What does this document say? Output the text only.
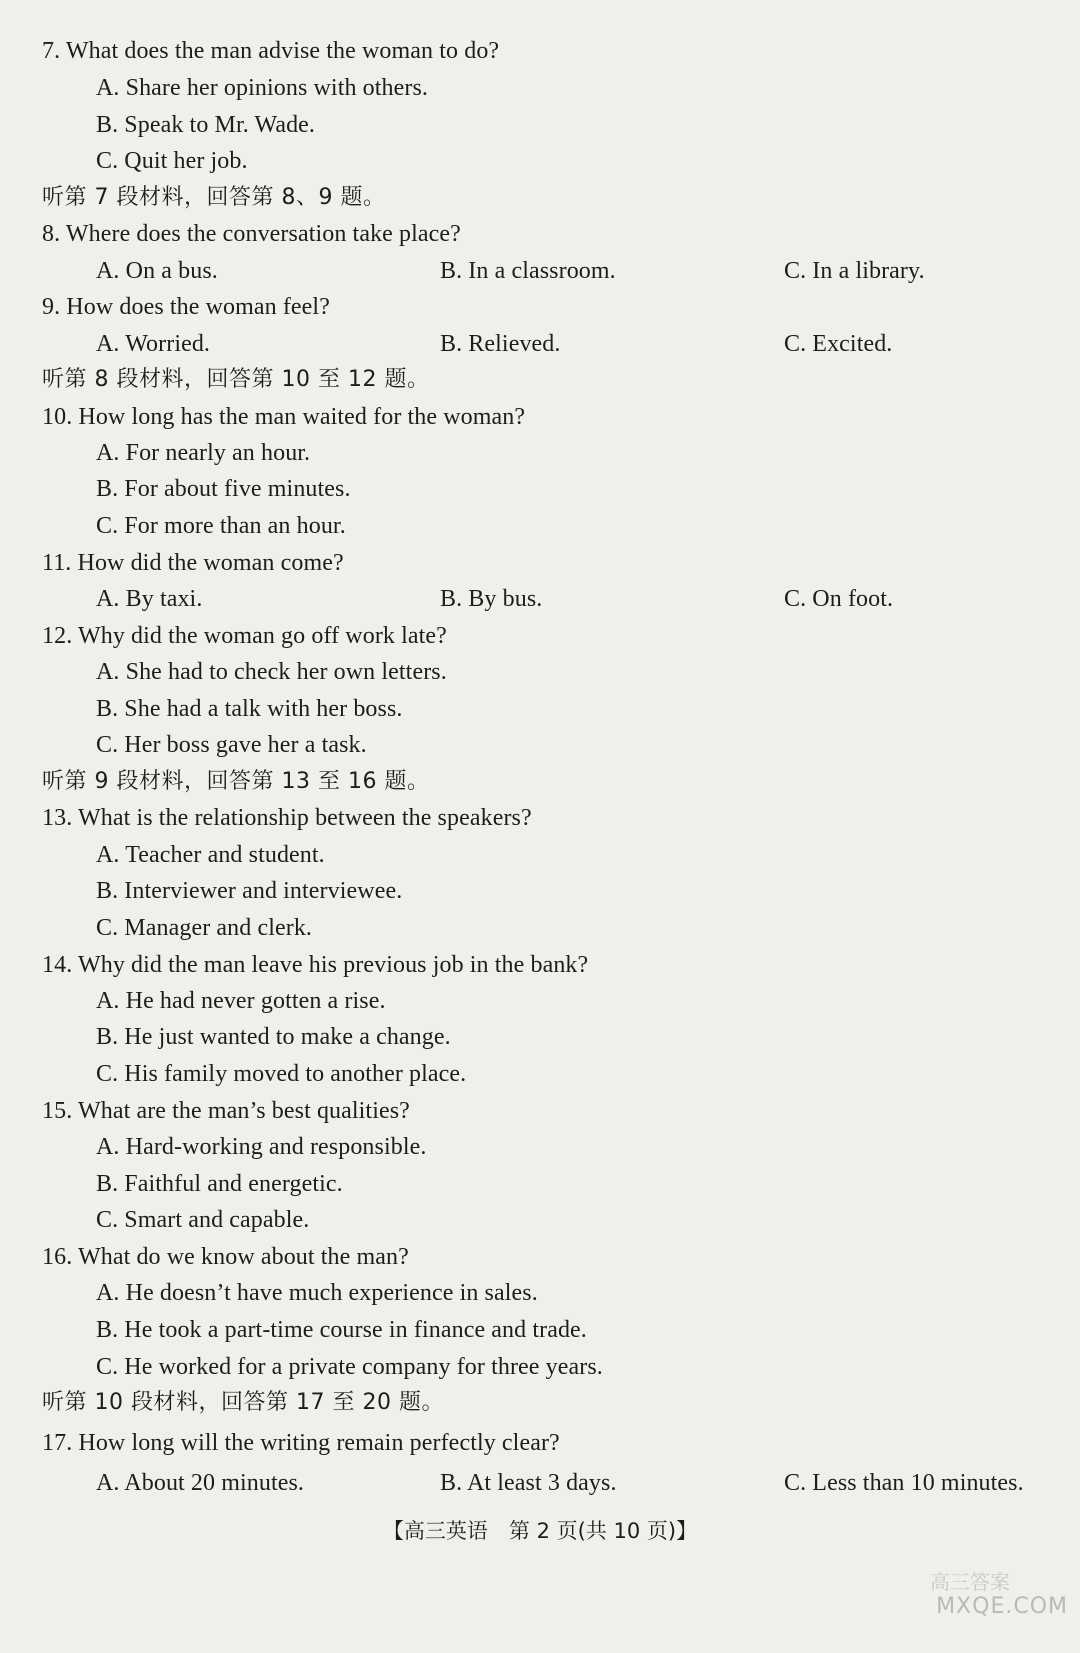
7. What does the man advise the woman to do?
A. Share her opinions with others.
B. Speak to Mr. Wade.
C. Quit her job.
听第 7 段材料，回答第 8、9 题。
8. Where does the conversation take place?
A. On a bus.	B. In a classroom.	C. In a library.
9. How does the woman feel?
A. Worried.	B. Relieved.	C. Excited.
听第 8 段材料，回答第 10 至 12 题。
10. How long has the man waited for the woman?
A. For nearly an hour.
B. For about five minutes.
C. For more than an hour.
11. How did the woman come?
A. By taxi.	B. By bus.	C. On foot.
12. Why did the woman go off work late?
A. She had to check her own letters.
B. She had a talk with her boss.
C. Her boss gave her a task.
听第 9 段材料，回答第 13 至 16 题。
13. What is the relationship between the speakers?
A. Teacher and student.
B. Interviewer and interviewee.
C. Manager and clerk.
14. Why did the man leave his previous job in the bank?
A. He had never gotten a rise.
B. He just wanted to make a change.
C. His family moved to another place.
15. What are the man’s best qualities?
A. Hard-working and responsible.
B. Faithful and energetic.
C. Smart and capable.
16. What do we know about the man?
A. He doesn’t have much experience in sales.
B. He took a part-time course in finance and trade.
C. He worked for a private company for three years.
听第 10 段材料，回答第 17 至 20 题。
17. How long will the writing remain perfectly clear?
A. About 20 minutes.	B. At least 3 days.	C. Less than 10 minutes.
【高三英语　第 2 页(共 10 页)】
高三答案
MXQE.COM
